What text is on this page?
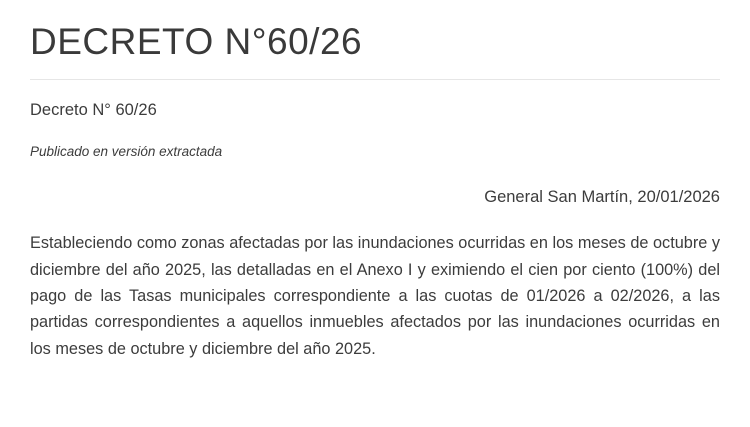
DECRETO N°60/26

Decreto N° 60/26

Publicado en versión extractada

General San Martín, 20/01/2026

Estableciendo como zonas afectadas por las inundaciones ocurridas en los meses de octubre y diciembre del año 2025, las detalladas en el Anexo I y eximiendo el cien por ciento (100%) del pago de las Tasas municipales correspondiente a las cuotas de 01/2026 a 02/2026, a las partidas correspondientes a aquellos inmuebles afectados por las inundaciones ocurridas en los meses de octubre y diciembre del año 2025.
